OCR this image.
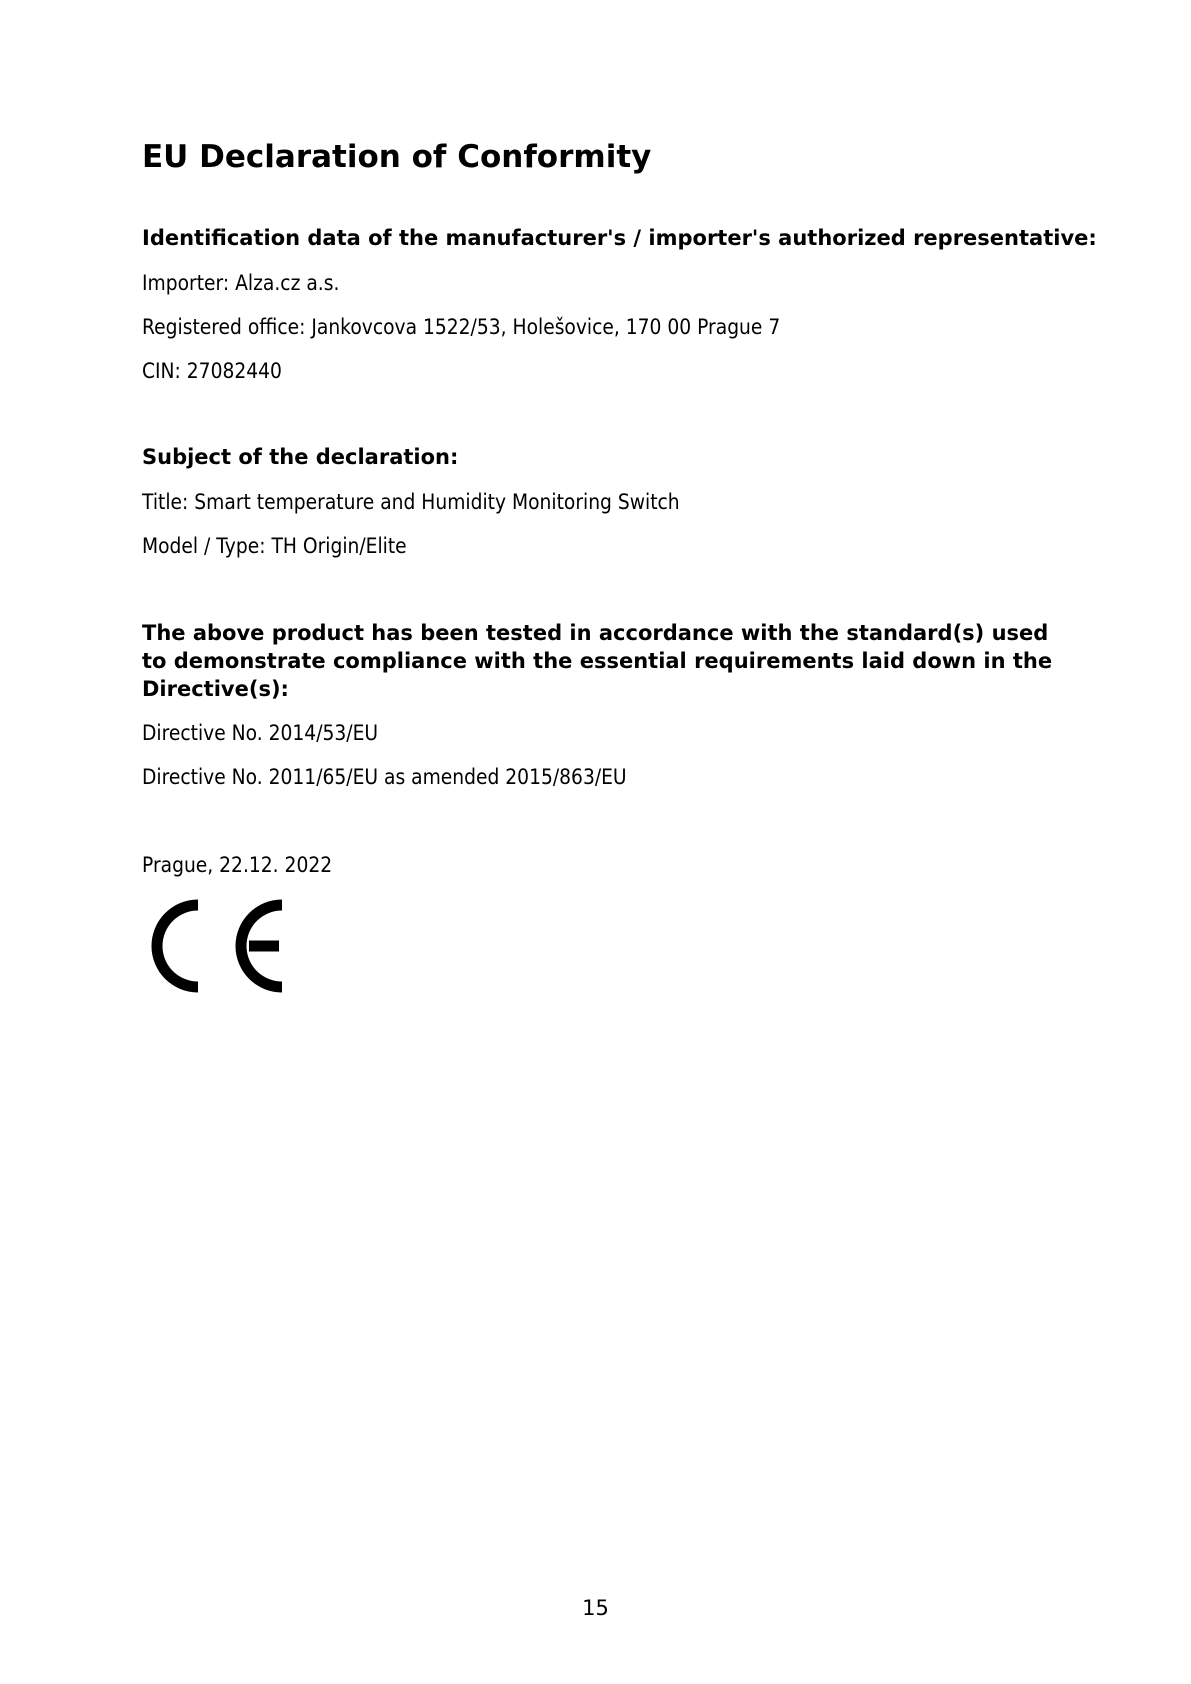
EU Declaration of Conformity
Identification data of the manufacturer's / importer's authorized representative:

Importer: Alza.cz a.s.

Registered office: Jankovcova 1522/53, Holešovice, 170 00 Prague 7

CIN: 27082440

Subject of the declaration:

Title: Smart temperature and Humidity Monitoring Switch

Model / Type: TH Origin/Elite

The above product has been tested in accordance with the standard(s) used to demonstrate compliance with the essential requirements laid down in the Directive(s):

Directive No. 2014/53/EU

Directive No. 2011/65/EU as amended 2015/863/EU

Prague, 22.12. 2022

15
